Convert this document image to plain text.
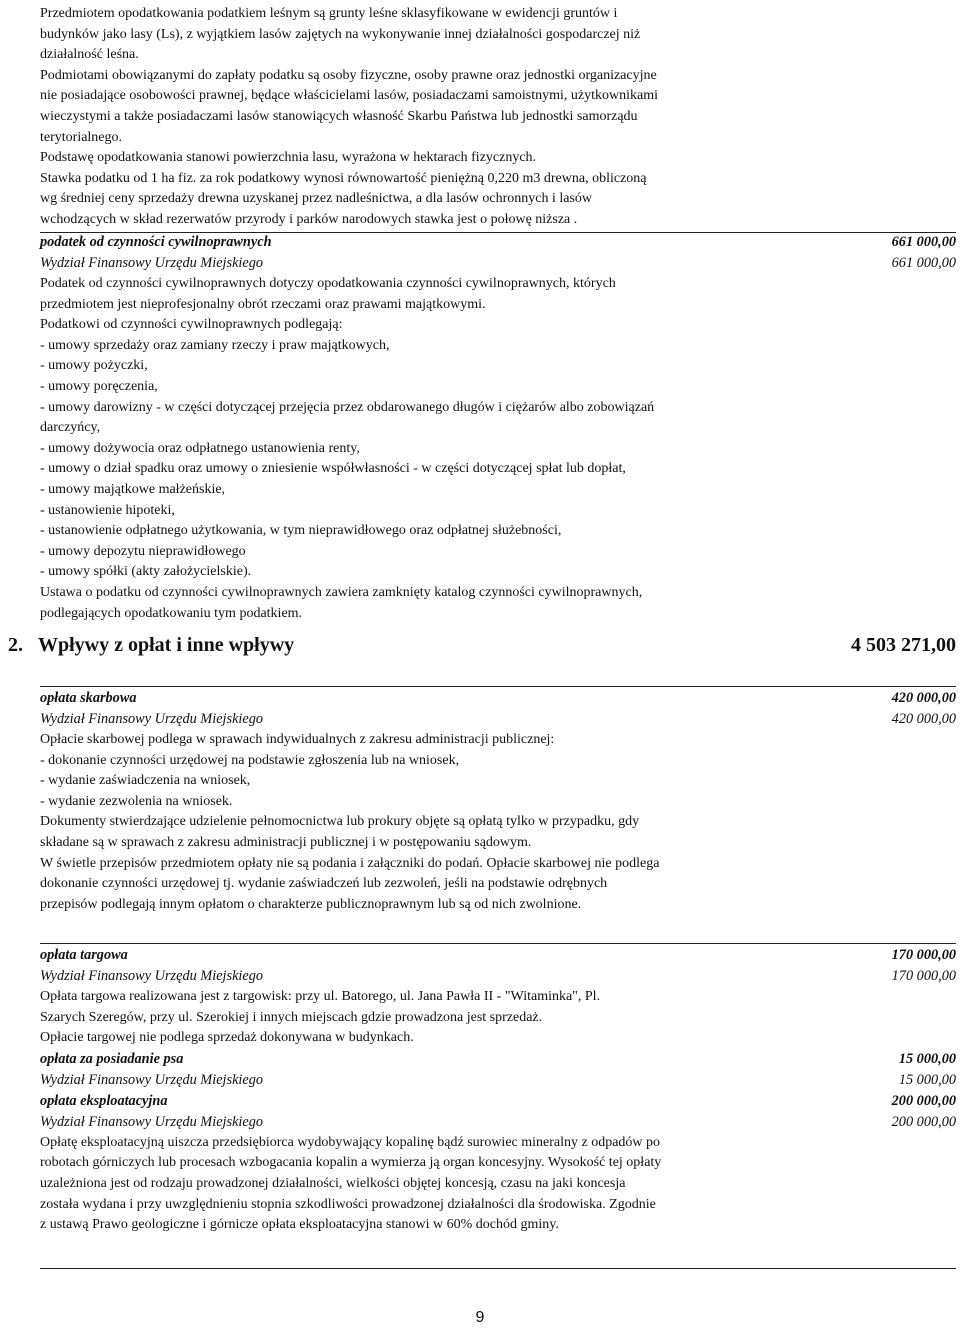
Przedmiotem opodatkowania podatkiem leśnym są grunty leśne sklasyfikowane w ewidencji gruntów i

budynków jako lasy (Ls), z wyjątkiem lasów zajętych na wykonywanie innej działalności gospodarczej niż

działalność leśna.

Podmiotami obowiązanymi do zapłaty podatku są osoby fizyczne, osoby prawne oraz jednostki organizacyjne

nie posiadające osobowości prawnej, będące właścicielami lasów, posiadaczami samoistnymi, użytkownikami

wieczystymi a także posiadaczami lasów stanowiących własność Skarbu Państwa lub jednostki samorządu

terytorialnego.

Podstawę opodatkowania stanowi powierzchnia lasu, wyrażona w hektarach fizycznych.

Stawka podatku od 1 ha fiz. za rok podatkowy wynosi równowartość pieniężną 0,220 m3 drewna, obliczoną

wg średniej ceny sprzedaży drewna uzyskanej przez nadleśnictwa, a dla lasów ochronnych i lasów

wchodzących w skład rezerwatów przyrody i parków narodowych stawka jest o połowę niższa .

podatek od czynności cywilnoprawnych	661 000,00
Wydział Finansowy Urzędu Miejskiego	661 000,00

Podatek od czynności cywilnoprawnych dotyczy opodatkowania czynności cywilnoprawnych, których

przedmiotem jest nieprofesjonalny obrót rzeczami oraz prawami majątkowymi.

Podatkowi od czynności cywilnoprawnych podlegają:

- umowy sprzedaży oraz zamiany rzeczy i praw majątkowych,

- umowy pożyczki,

- umowy poręczenia,

- umowy darowizny - w części dotyczącej przejęcia przez obdarowanego długów i ciężarów albo zobowiązań

darczyńcy,

- umowy dożywocia oraz odpłatnego ustanowienia renty,

- umowy o dział spadku oraz umowy o zniesienie współwłasności - w części dotyczącej spłat lub dopłat,

- umowy majątkowe małżeńskie,

- ustanowienie hipoteki,

- ustanowienie odpłatnego użytkowania, w tym nieprawidłowego oraz odpłatnej służebności,

- umowy depozytu nieprawidłowego

- umowy spółki (akty założycielskie).

Ustawa o podatku od czynności cywilnoprawnych zawiera zamknięty katalog czynności cywilnoprawnych,

podlegających opodatkowaniu tym podatkiem.

2. Wpływy z opłat i inne wpływy	4 503 271,00
opłata skarbowa	420 000,00
Wydział Finansowy Urzędu Miejskiego	420 000,00

Opłacie skarbowej podlega w sprawach indywidualnych z zakresu administracji publicznej:

- dokonanie czynności urzędowej na podstawie zgłoszenia lub na wniosek,

- wydanie zaświadczenia na wniosek,

- wydanie zezwolenia na wniosek.

Dokumenty stwierdzające udzielenie pełnomocnictwa lub prokury objęte są opłatą tylko w przypadku, gdy

składane są w sprawach z zakresu administracji publicznej i w postępowaniu sądowym.

W świetle przepisów przedmiotem opłaty nie są podania i załączniki do podań. Opłacie skarbowej nie podlega

dokonanie czynności urzędowej tj. wydanie zaświadczeń lub zezwoleń, jeśli na podstawie odrębnych

przepisów podlegają innym opłatom o charakterze publicznoprawnym lub są od nich zwolnione.

opłata targowa	170 000,00
Wydział Finansowy Urzędu Miejskiego	170 000,00

Opłata targowa realizowana jest z targowisk: przy ul. Batorego, ul. Jana Pawła II - "Witaminka", Pl.

Szarych Szeregów, przy ul. Szerokiej i innych miejscach gdzie prowadzona jest sprzedaż.

Opłacie targowej nie podlega sprzedaż dokonywana w budynkach.

opłata za posiadanie psa	15 000,00
Wydział Finansowy Urzędu Miejskiego	15 000,00
opłata eksploatacyjna	200 000,00
Wydział Finansowy Urzędu Miejskiego	200 000,00

Opłatę eksploatacyjną uiszcza przedsiębiorca wydobywający kopalinę bądź surowiec mineralny z odpadów po

robotach górniczych lub procesach wzbogacania kopalin a wymierza ją organ koncesyjny. Wysokość tej opłaty

uzależniona jest od rodzaju prowadzonej działalności, wielkości objętej koncesją, czasu na jaki koncesja

została wydana i przy uwzględnieniu stopnia szkodliwości prowadzonej działalności dla środowiska. Zgodnie

z ustawą Prawo geologiczne i górnicze opłata eksploatacyjna stanowi w 60% dochód gminy.

9
